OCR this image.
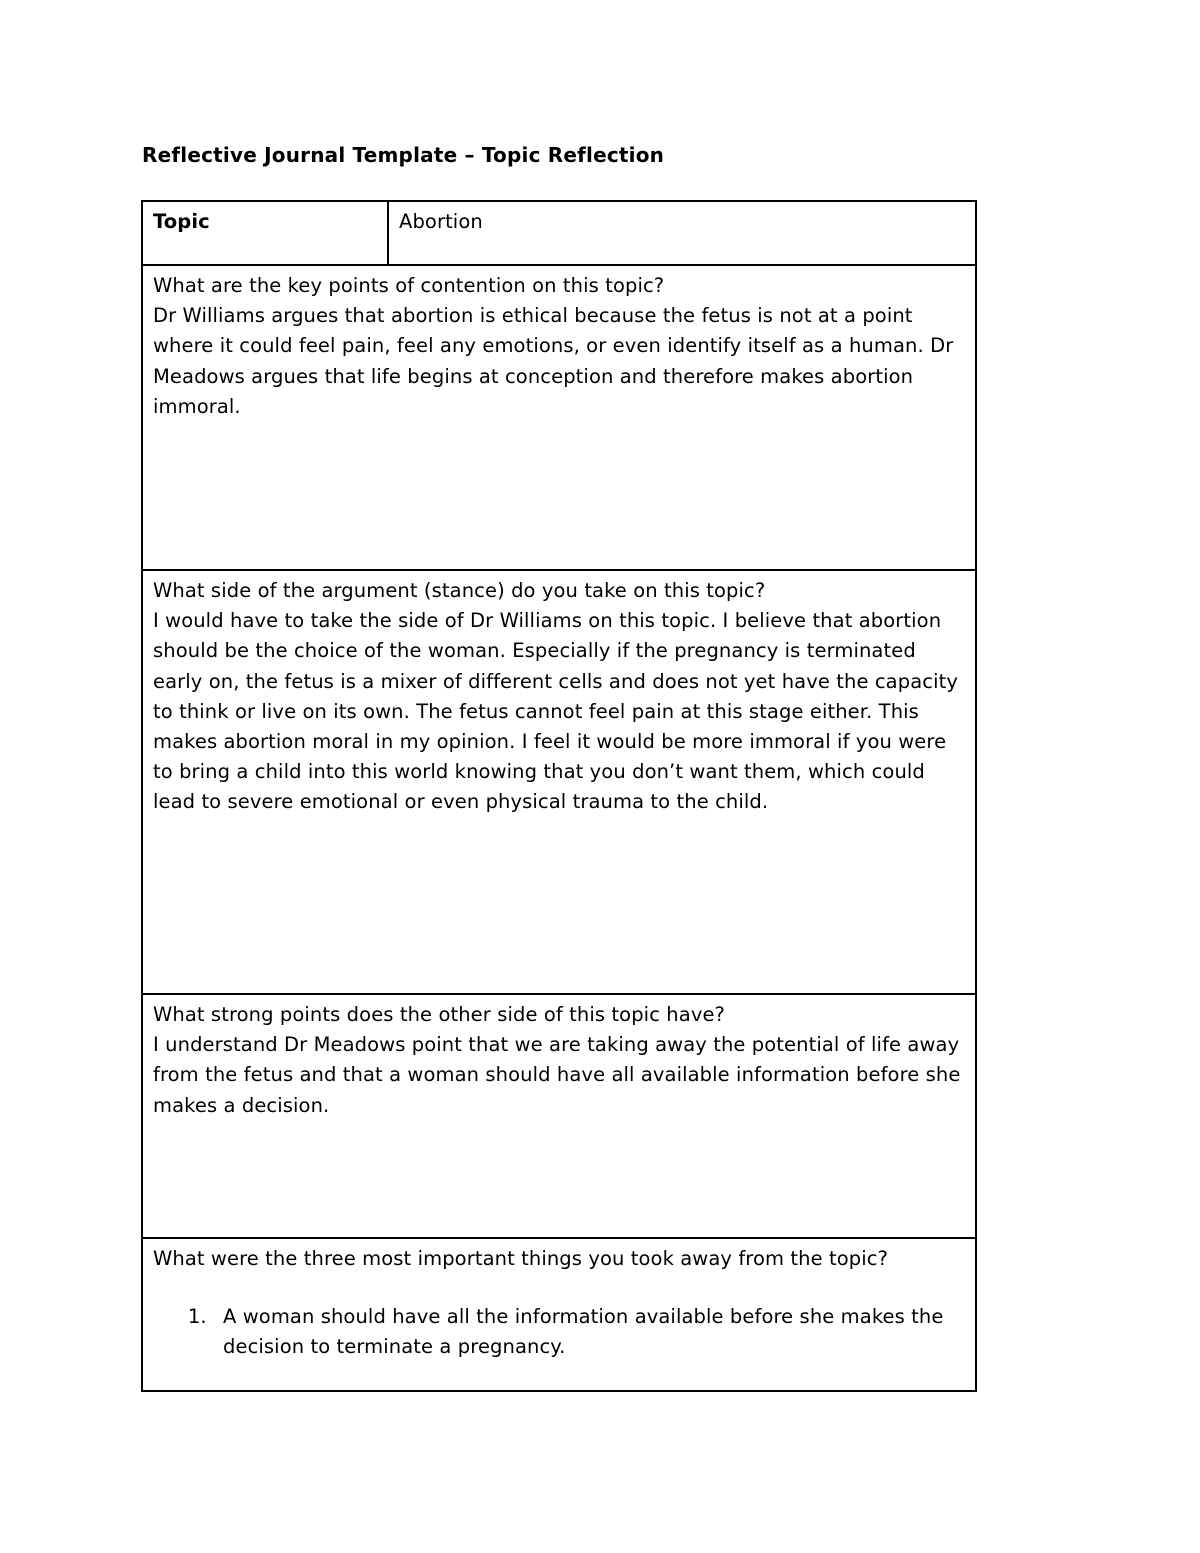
Reflective Journal Template – Topic Reflection
Topic	Abortion

What are the key points of contention on this topic?
Dr Williams argues that abortion is ethical because the fetus is not at a point where it could feel pain, feel any emotions, or even identify itself as a human. Dr Meadows argues that life begins at conception and therefore makes abortion immoral.

What side of the argument (stance) do you take on this topic?
I would have to take the side of Dr Williams on this topic. I believe that abortion should be the choice of the woman. Especially if the pregnancy is terminated early on, the fetus is a mixer of different cells and does not yet have the capacity to think or live on its own. The fetus cannot feel pain at this stage either. This makes abortion moral in my opinion. I feel it would be more immoral if you were to bring a child into this world knowing that you don’t want them, which could lead to severe emotional or even physical trauma to the child.

What strong points does the other side of this topic have?
I understand Dr Meadows point that we are taking away the potential of life away from the fetus and that a woman should have all available information before she makes a decision.

What were the three most important things you took away from the topic?
1. A woman should have all the information available before she makes the decision to terminate a pregnancy.
